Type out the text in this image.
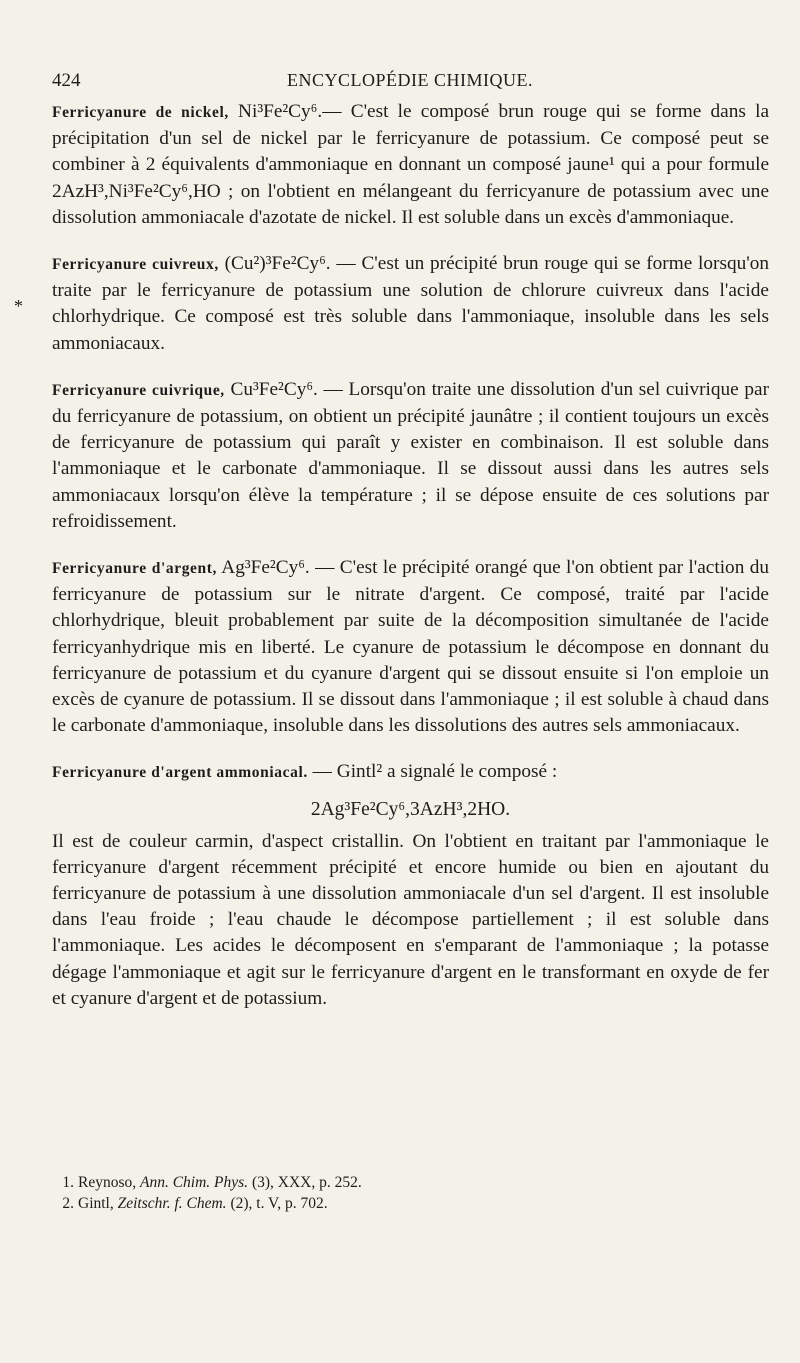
424	ENCYCLOPÉDIE CHIMIQUE.
*

Ferricyanure de nickel, Ni³Fe²Cy⁶.— C'est le composé brun rouge qui se forme dans la précipitation d'un sel de nickel par le ferricyanure de potassium. Ce composé peut se combiner à 2 équivalents d'ammoniaque en donnant un composé jaune¹ qui a pour formule 2AzH³,Ni³Fe²Cy⁶,HO ; on l'obtient en mélangeant du ferricyanure de potassium avec une dissolution ammoniacale d'azotate de nickel. Il est soluble dans un excès d'ammoniaque.

Ferricyanure cuivreux, (Cu²)³Fe²Cy⁶. — C'est un précipité brun rouge qui se forme lorsqu'on traite par le ferricyanure de potassium une solution de chlorure cuivreux dans l'acide chlorhydrique. Ce composé est très soluble dans l'ammoniaque, insoluble dans les sels ammoniacaux.

Ferricyanure cuivrique, Cu³Fe²Cy⁶. — Lorsqu'on traite une dissolution d'un sel cuivrique par du ferricyanure de potassium, on obtient un précipité jaunâtre ; il contient toujours un excès de ferricyanure de potassium qui paraît y exister en combinaison. Il est soluble dans l'ammoniaque et le carbonate d'ammoniaque. Il se dissout aussi dans les autres sels ammoniacaux lorsqu'on élève la température ; il se dépose ensuite de ces solutions par refroidissement.

Ferricyanure d'argent, Ag³Fe²Cy⁶. — C'est le précipité orangé que l'on obtient par l'action du ferricyanure de potassium sur le nitrate d'argent. Ce composé, traité par l'acide chlorhydrique, bleuit probablement par suite de la décomposition simultanée de l'acide ferricyanhydrique mis en liberté. Le cyanure de potassium le décompose en donnant du ferricyanure de potassium et du cyanure d'argent qui se dissout ensuite si l'on emploie un excès de cyanure de potassium. Il se dissout dans l'ammoniaque ; il est soluble à chaud dans le carbonate d'ammoniaque, insoluble dans les dissolutions des autres sels ammoniacaux.

Ferricyanure d'argent ammoniacal. — Gintl² a signalé le composé :

2Ag³Fe²Cy⁶,3AzH³,2HO.

Il est de couleur carmin, d'aspect cristallin. On l'obtient en traitant par l'ammoniaque le ferricyanure d'argent récemment précipité et encore humide ou bien en ajoutant du ferricyanure de potassium à une dissolution ammoniacale d'un sel d'argent. Il est insoluble dans l'eau froide ; l'eau chaude le décompose partiellement ; il est soluble dans l'ammoniaque. Les acides le décomposent en s'emparant de l'ammoniaque ; la potasse dégage l'ammoniaque et agit sur le ferricyanure d'argent en le transformant en oxyde de fer et cyanure d'argent et de potassium.

1. Reynoso, Ann. Chim. Phys. (3), XXX, p. 252.

2. Gintl, Zeitschr. f. Chem. (2), t. V, p. 702.
